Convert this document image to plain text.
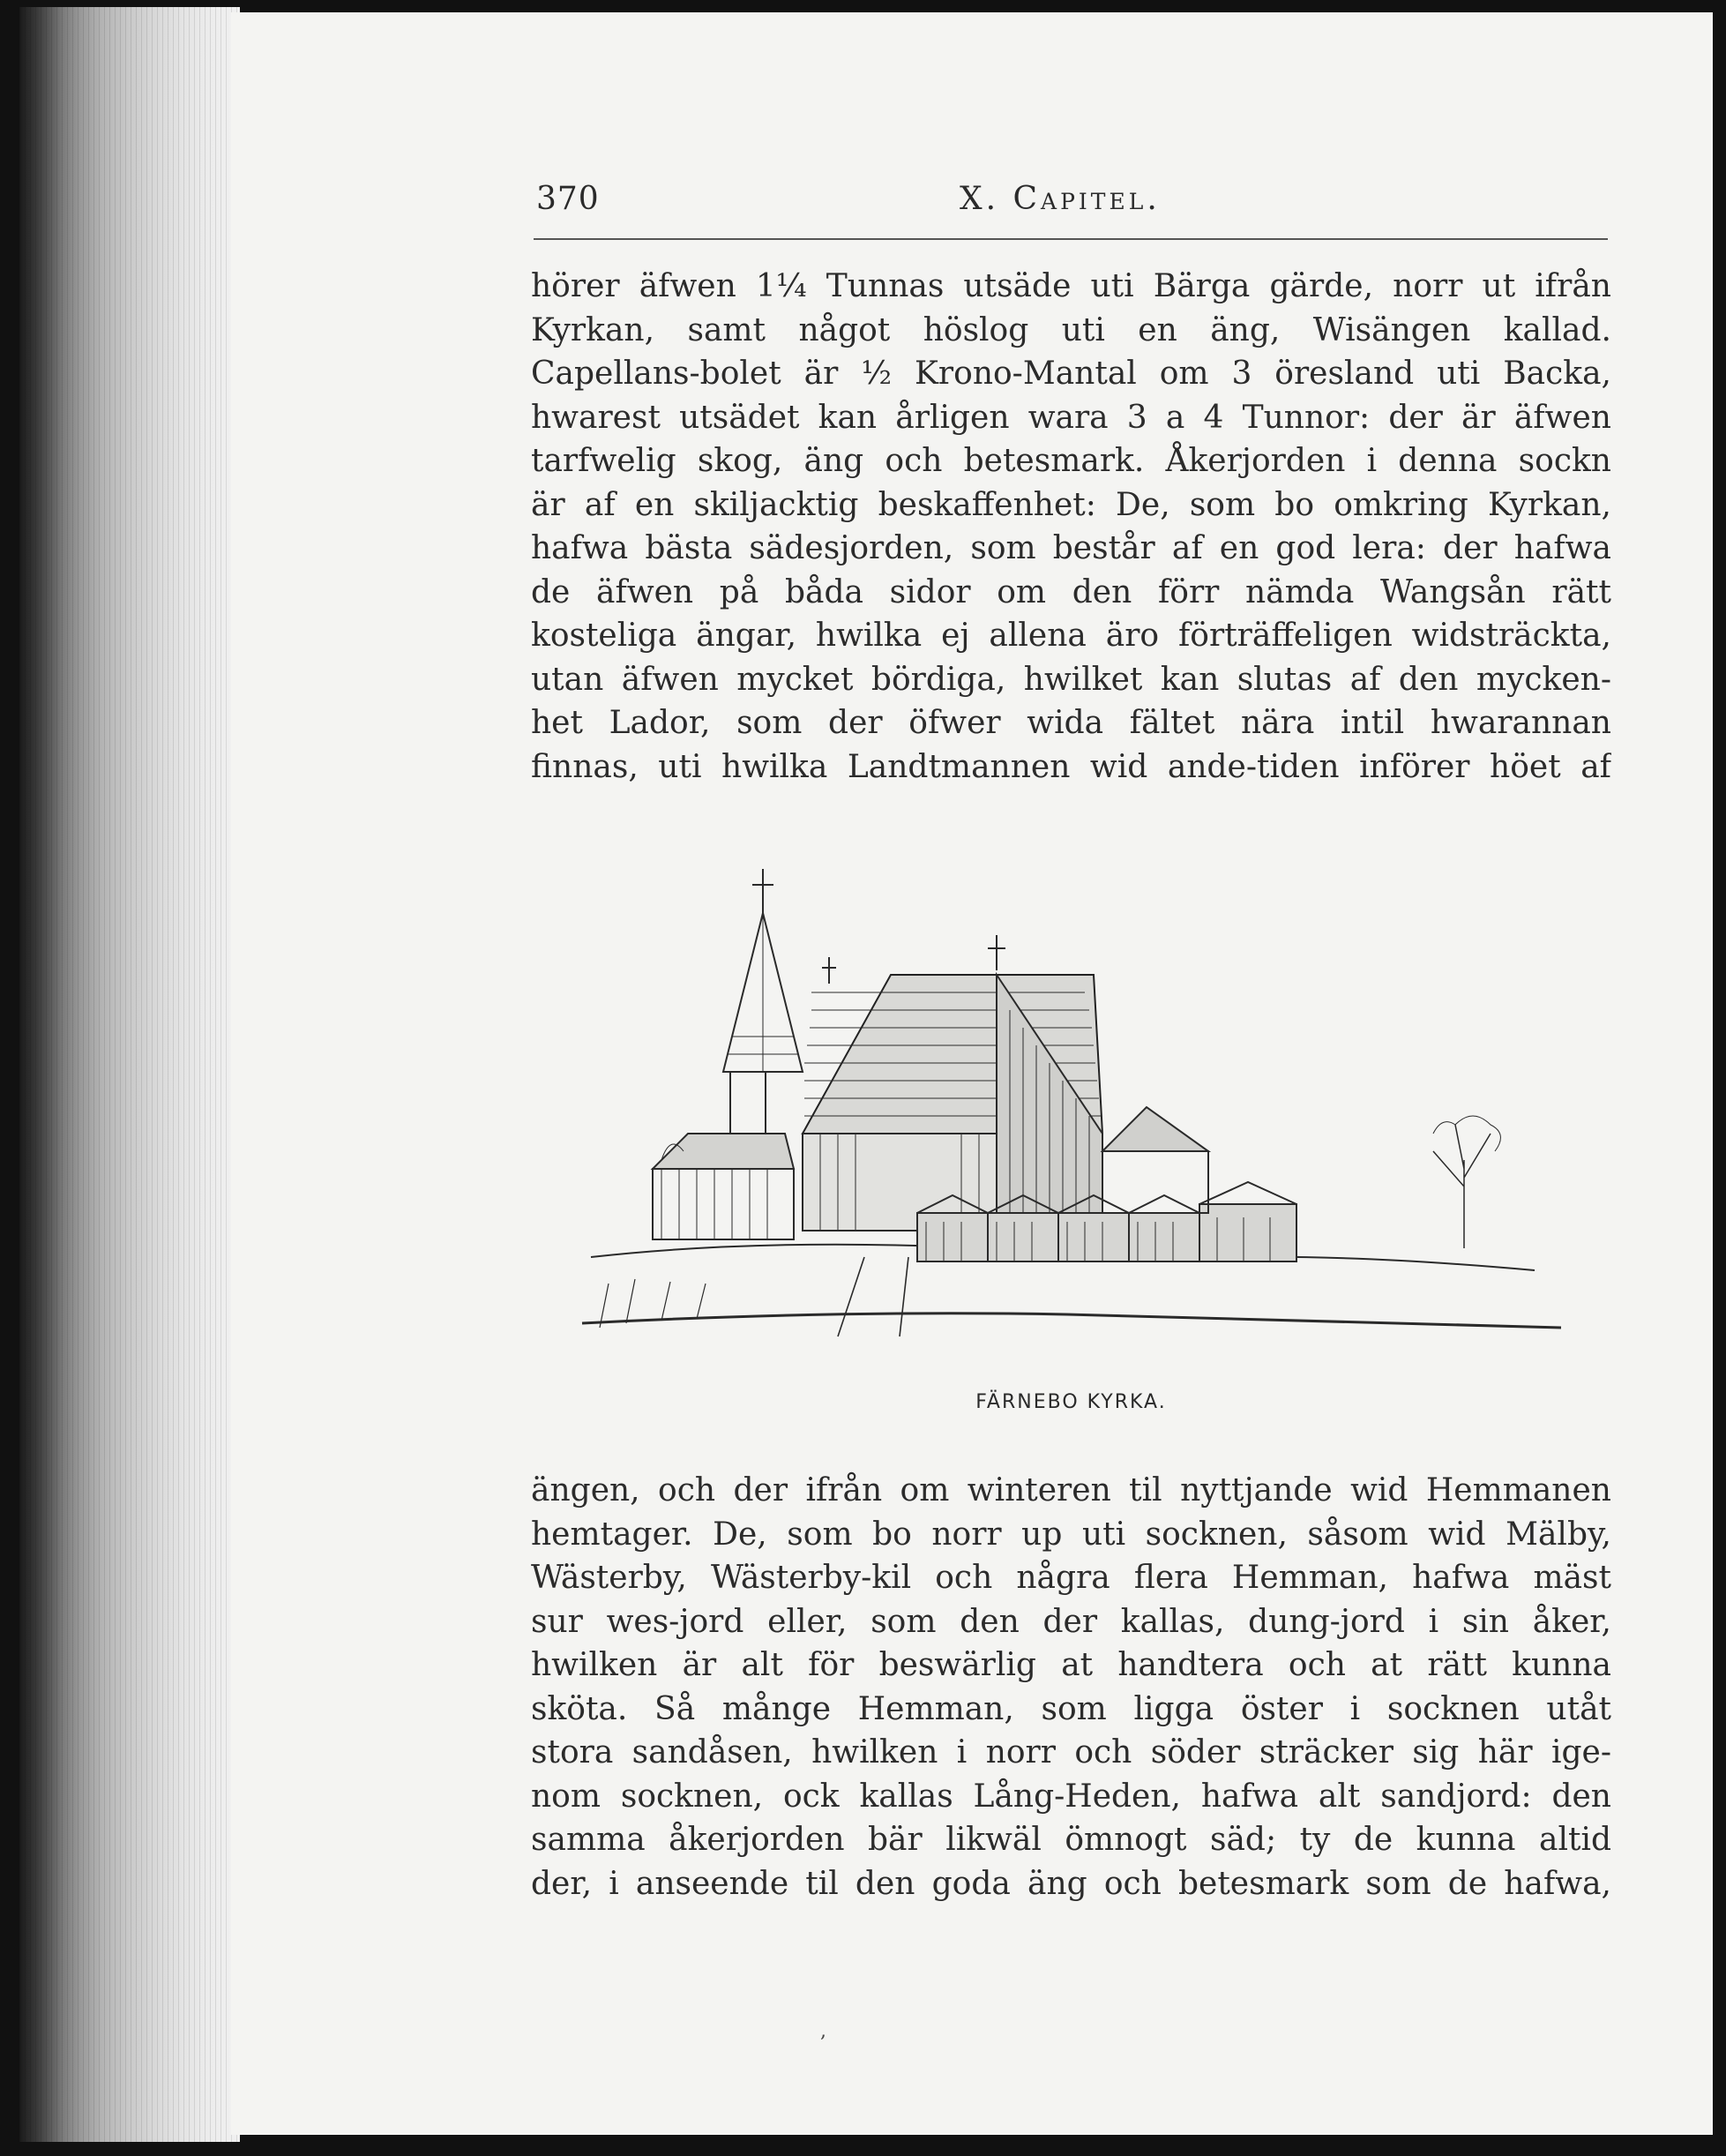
370	X. Capitel.
hörer äfwen 1¼ Tunnas utsäde uti Bärga gärde, norr ut ifrån
Kyrkan, samt något höslog uti en äng, Wisängen kallad.
Capellans-bolet är ½ Krono-Mantal om 3 öresland uti Backa,
hwarest utsädet kan årligen wara 3 a 4 Tunnor: der är äfwen
tarfwelig skog, äng och betesmark. Åkerjorden i denna sockn
är af en skiljacktig beskaffenhet: De, som bo omkring Kyrkan,
hafwa bästa sädesjorden, som består af en god lera: der hafwa
de äfwen på båda sidor om den förr nämda Wangsån rätt
kosteliga ängar, hwilka ej allena äro förträffeligen widsträckta,
utan äfwen mycket bördiga, hwilket kan slutas af den mycken-
het Lador, som der öfwer wida fältet nära intil hwarannan
finnas, uti hwilka Landtmannen wid ande-tiden införer höet af
FÄRNEBO KYRKA.
ängen, och der ifrån om winteren til nyttjande wid Hemmanen
hemtager. De, som bo norr up uti socknen, såsom wid Mälby,
Wästerby, Wästerby-kil och några flera Hemman, hafwa mäst
sur wes-jord eller, som den der kallas, dung-jord i sin åker,
hwilken är alt för beswärlig at handtera och at rätt kunna
sköta. Så månge Hemman, som ligga öster i socknen utåt
stora sandåsen, hwilken i norr och söder sträcker sig här ige-
nom socknen, ock kallas Lång-Heden, hafwa alt sandjord: den
samma åkerjorden bär likwäl ömnogt säd; ty de kunna altid
der, i anseende til den goda äng och betesmark som de hafwa,
,
